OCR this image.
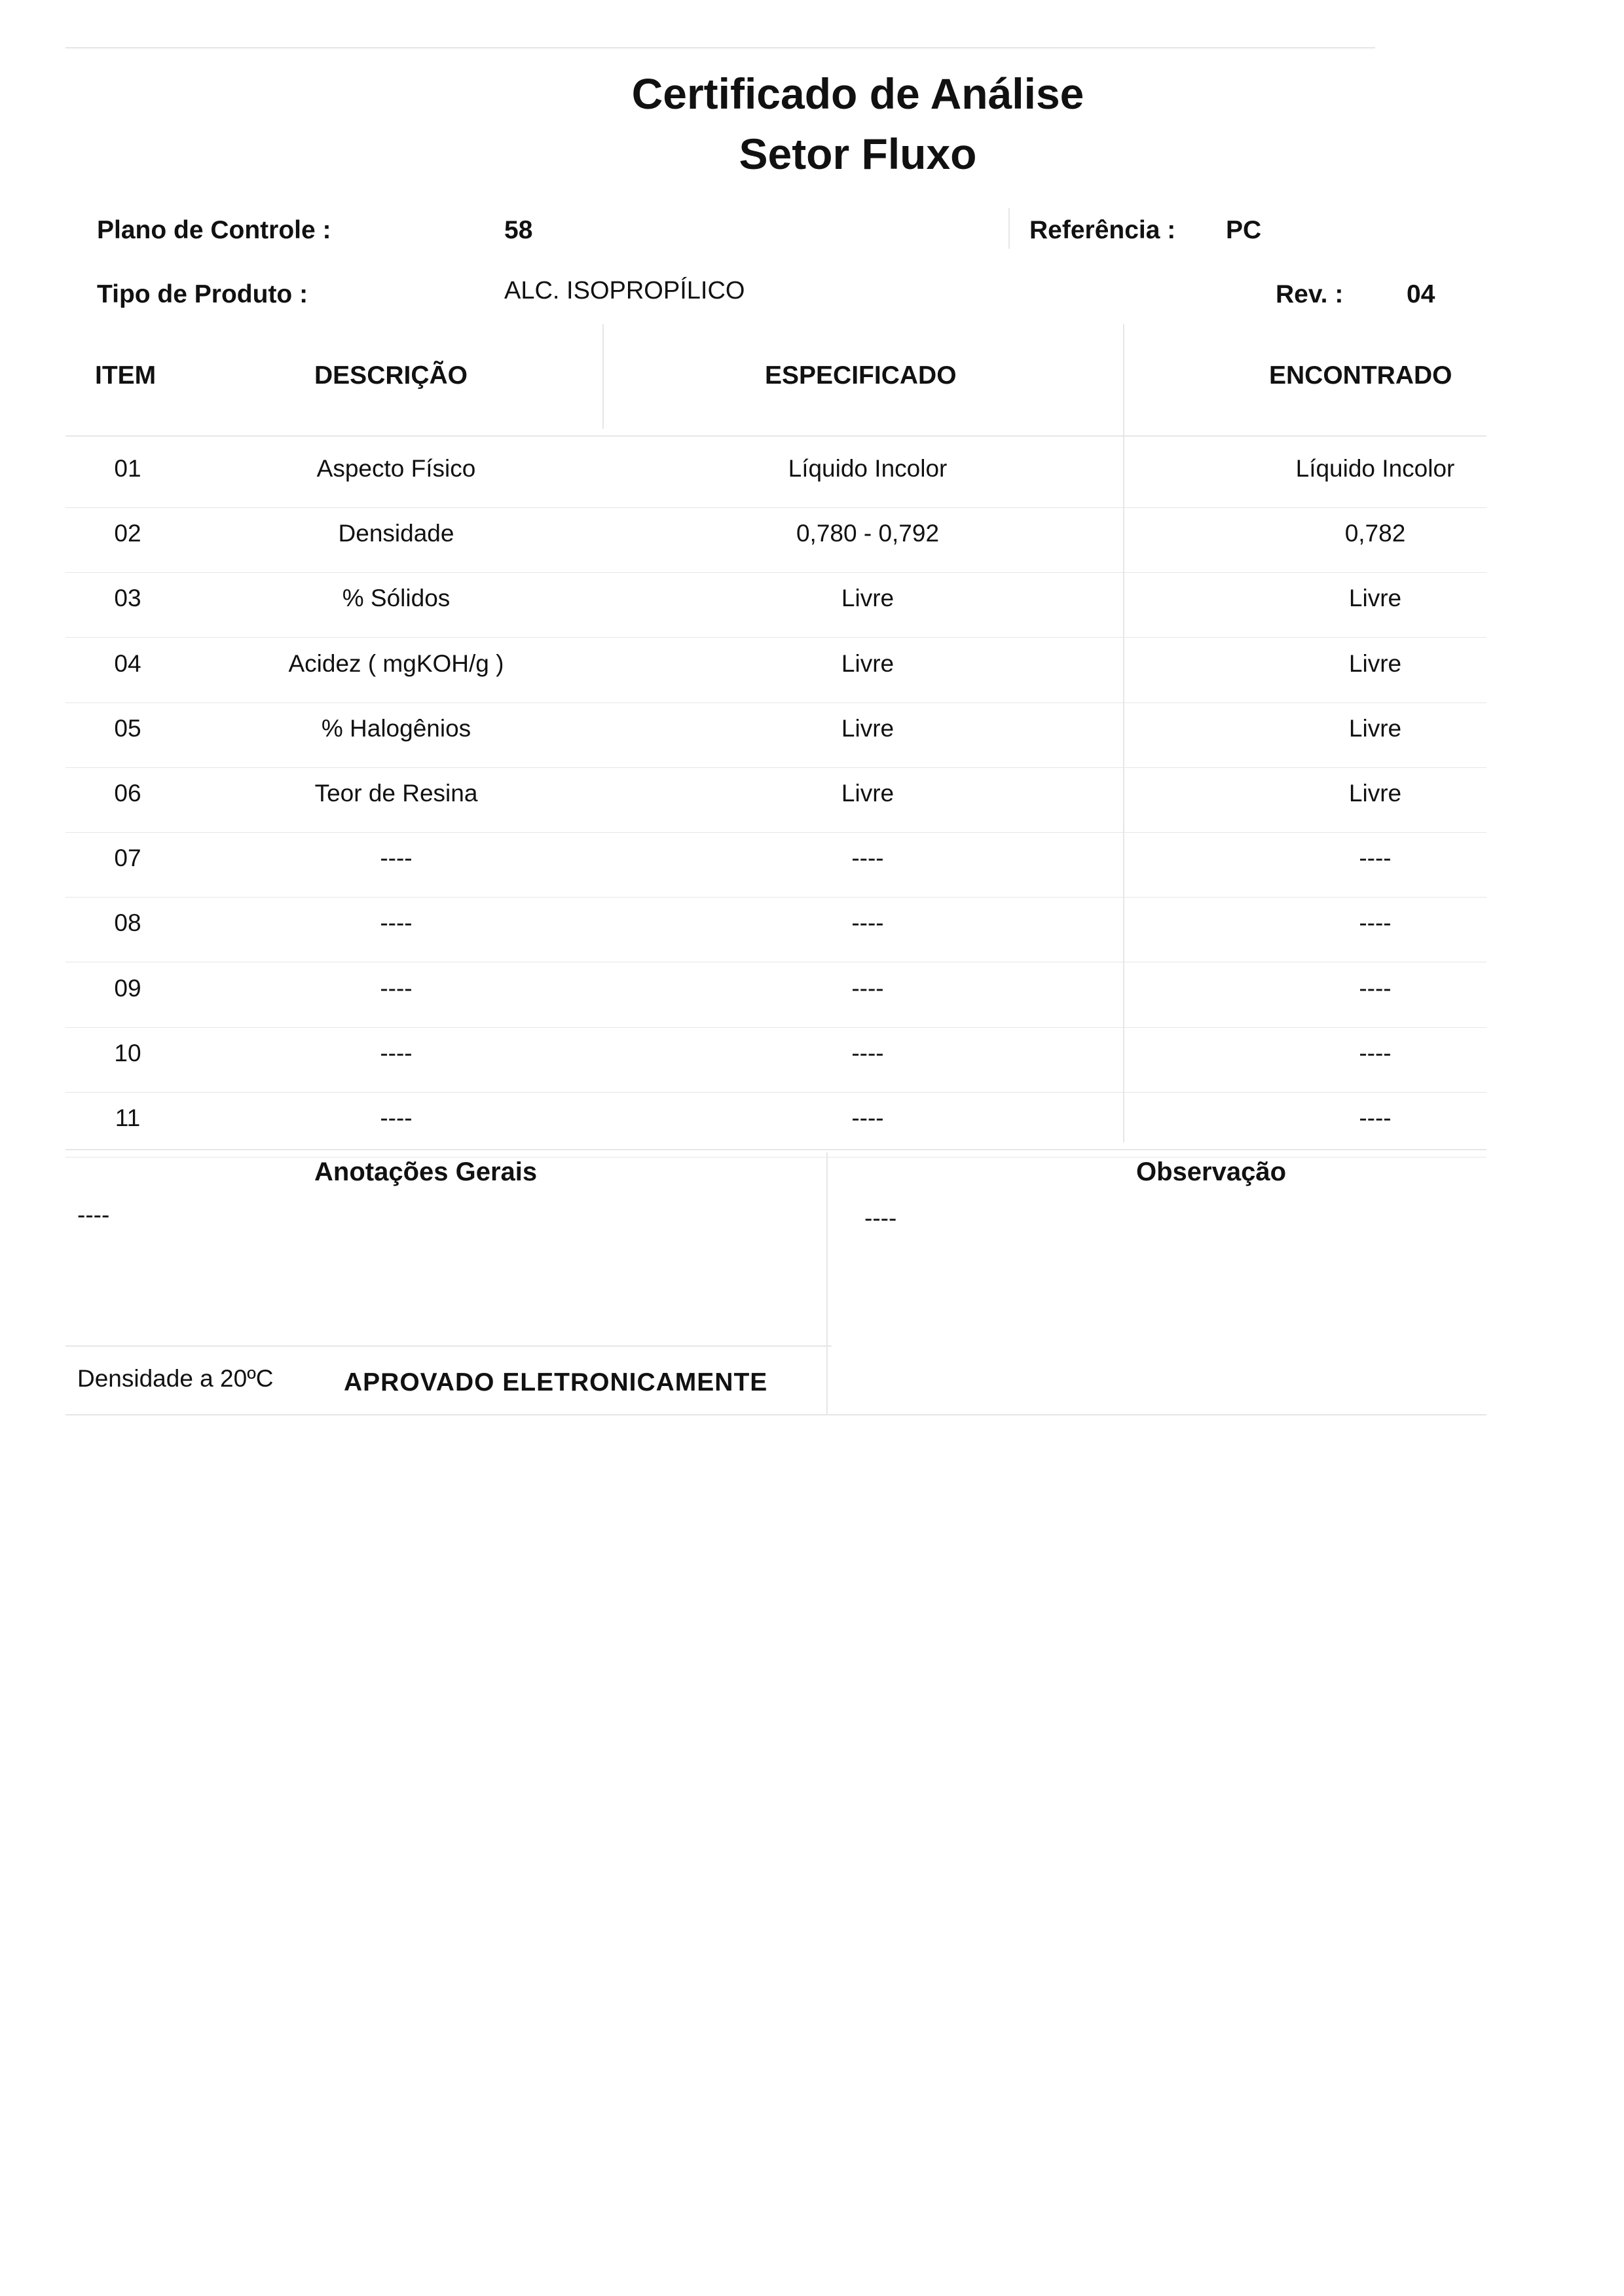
Certificado de Análise
Setor Fluxo
Plano de Controle :	58	Referência : PC
Tipo de Produto :	ALC. ISOPROPÍLICO	Rev. : 04
ITEM	DESCRIÇÃO	ESPECIFICADO	ENCONTRADO
01	Aspecto Físico	Líquido Incolor	Líquido Incolor
02	Densidade	0,780 - 0,792	0,782
03	% Sólidos	Livre	Livre
04	Acidez ( mgKOH/g )	Livre	Livre
05	% Halogênios	Livre	Livre
06	Teor de Resina	Livre	Livre
07	----	----	----
08	----	----	----
09	----	----	----
10	----	----	----
11	----	----	----
Anotações Gerais	Observação
----	----
Densidade a 20ºC	APROVADO ELETRONICAMENTE
